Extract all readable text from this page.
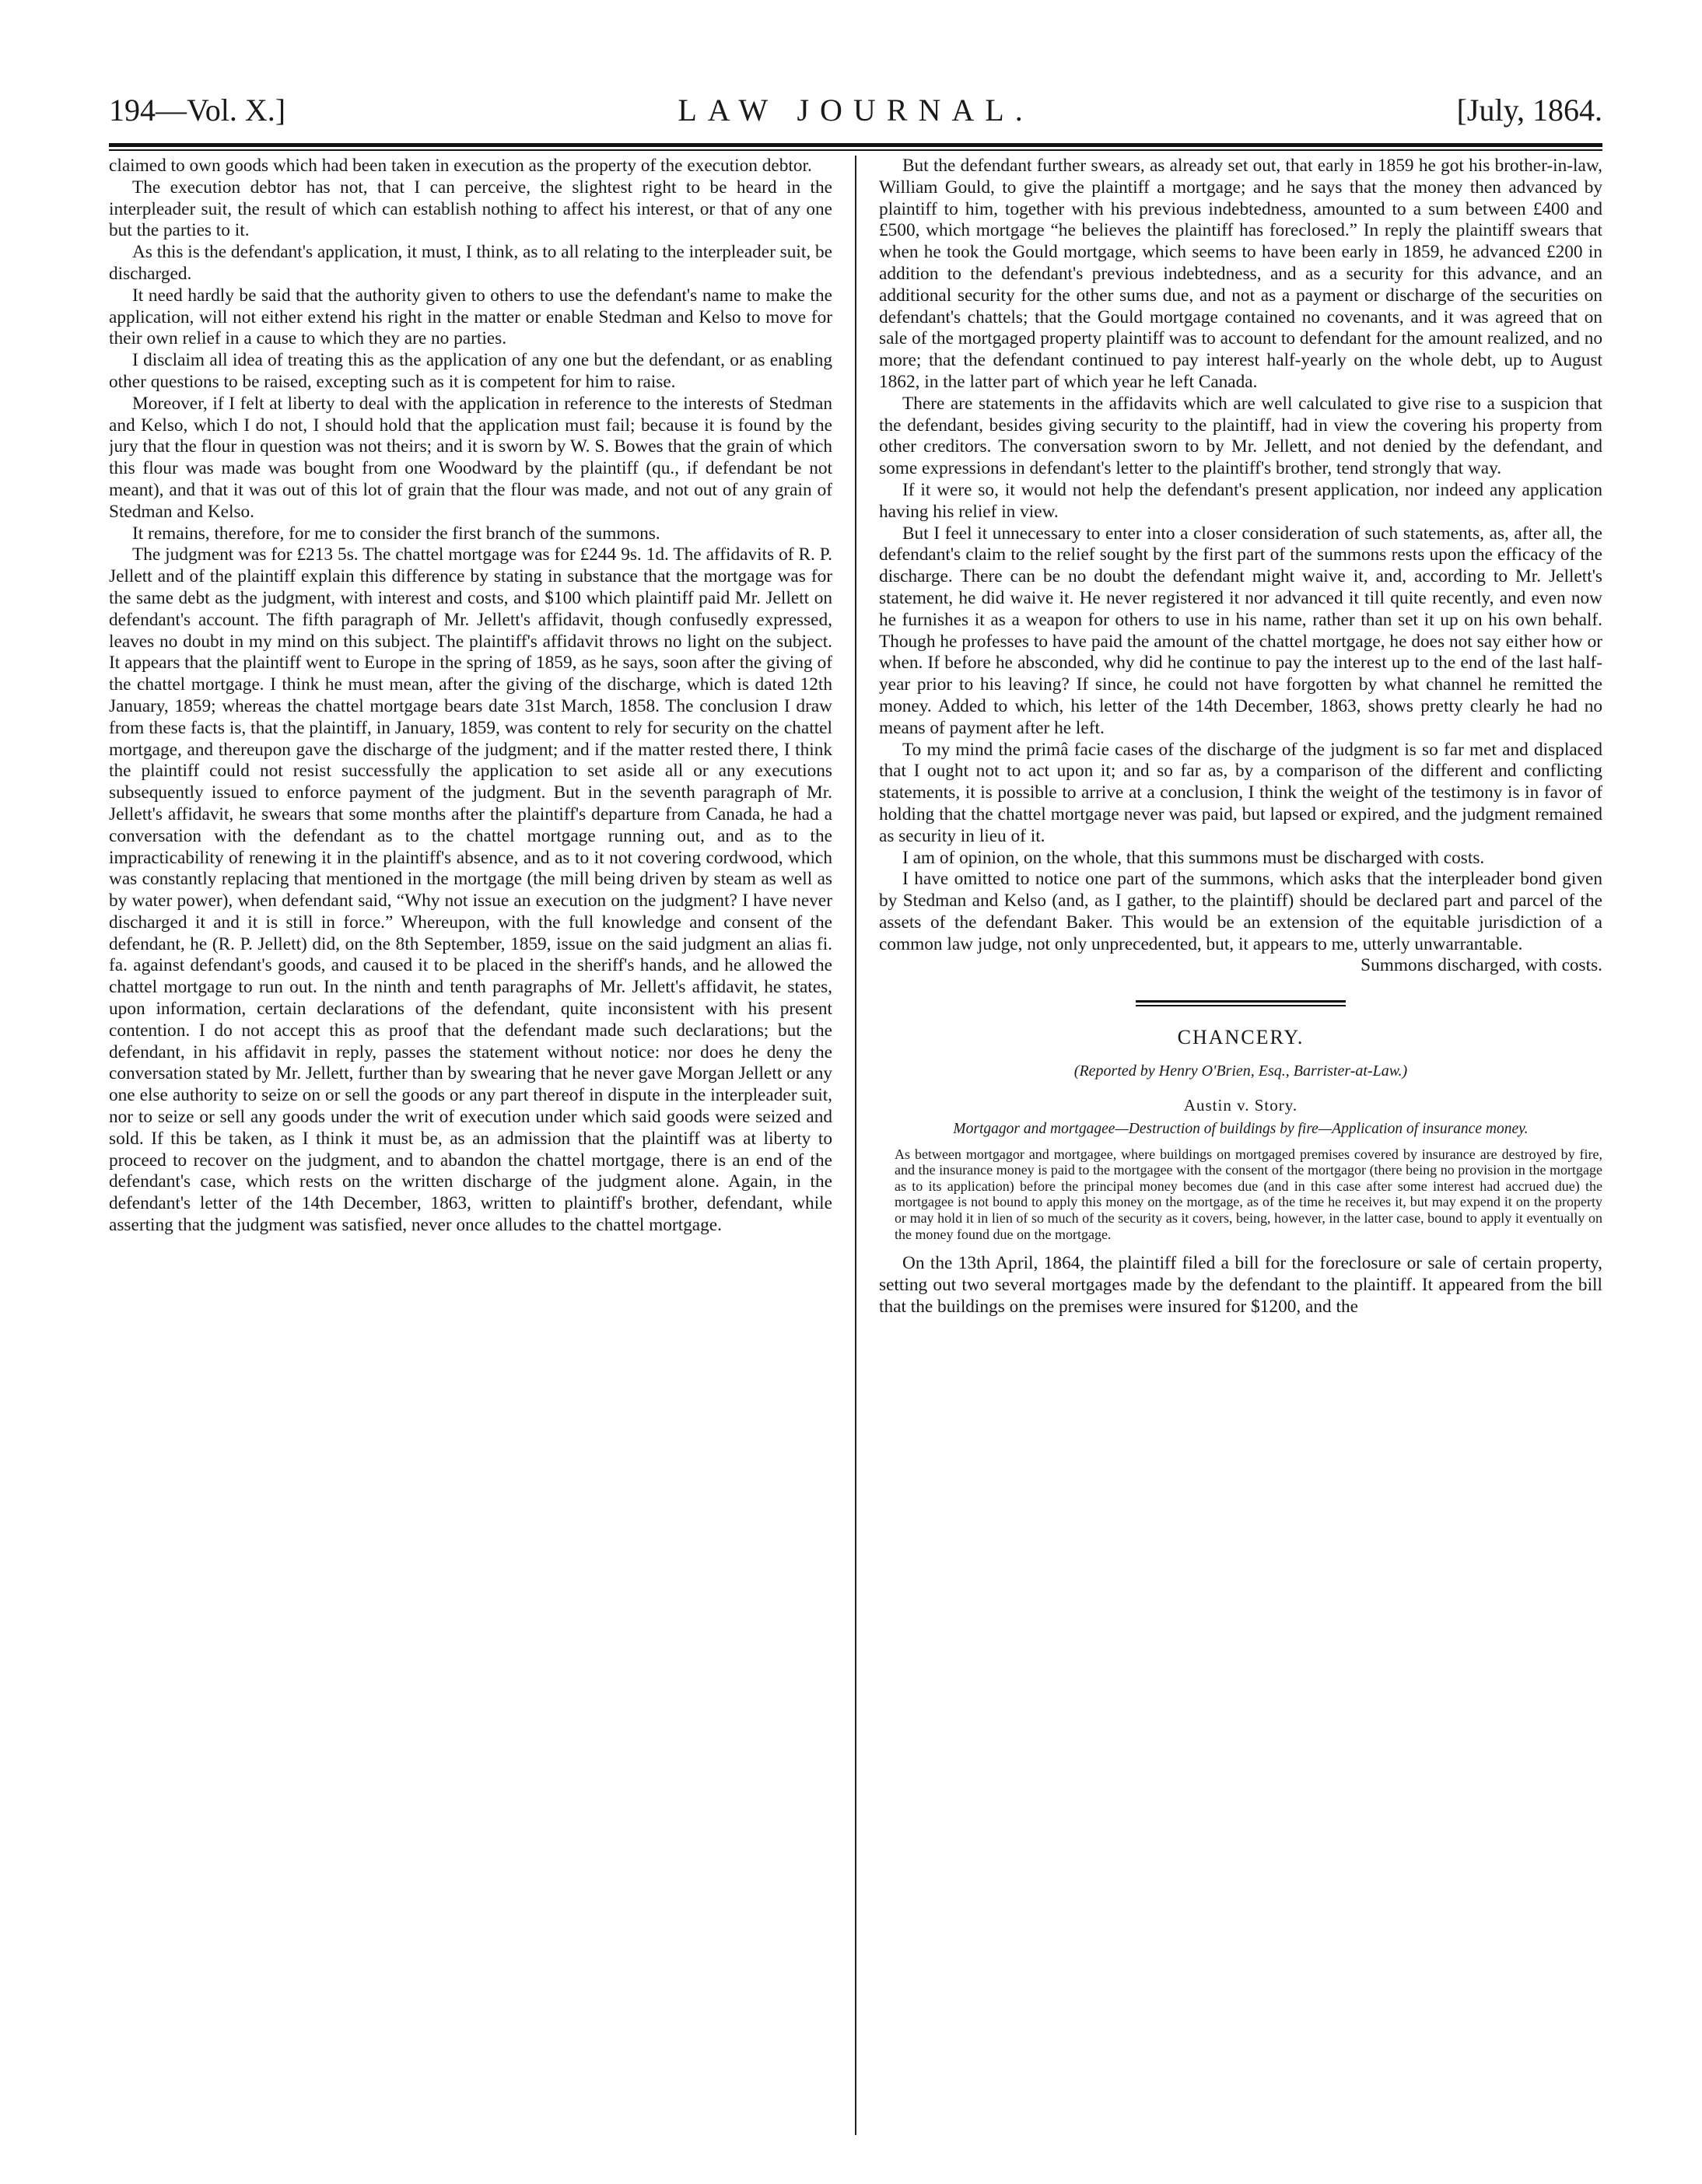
194—Vol. X.]	LAW JOURNAL.	[July, 1864.

claimed to own goods which had been taken in execution as the property of the execution debtor.

The execution debtor has not, that I can perceive, the slightest right to be heard in the interpleader suit, the result of which can establish nothing to affect his interest, or that of any one but the parties to it.

As this is the defendant's application, it must, I think, as to all relating to the interpleader suit, be discharged.

It need hardly be said that the authority given to others to use the defendant's name to make the application, will not either extend his right in the matter or enable Stedman and Kelso to move for their own relief in a cause to which they are no parties.

I disclaim all idea of treating this as the application of any one but the defendant, or as enabling other questions to be raised, excepting such as it is competent for him to raise.

Moreover, if I felt at liberty to deal with the application in reference to the interests of Stedman and Kelso, which I do not, I should hold that the application must fail; because it is found by the jury that the flour in question was not theirs; and it is sworn by W. S. Bowes that the grain of which this flour was made was bought from one Woodward by the plaintiff (qu., if defendant be not meant), and that it was out of this lot of grain that the flour was made, and not out of any grain of Stedman and Kelso.

It remains, therefore, for me to consider the first branch of the summons.

The judgment was for £213 5s. The chattel mortgage was for £244 9s. 1d. The affidavits of R. P. Jellett and of the plaintiff explain this difference by stating in substance that the mortgage was for the same debt as the judgment, with interest and costs, and $100 which plaintiff paid Mr. Jellett on defendant's account. The fifth paragraph of Mr. Jellett's affidavit, though confusedly expressed, leaves no doubt in my mind on this subject. The plaintiff's affidavit throws no light on the subject. It appears that the plaintiff went to Europe in the spring of 1859, as he says, soon after the giving of the chattel mortgage. I think he must mean, after the giving of the discharge, which is dated 12th January, 1859; whereas the chattel mortgage bears date 31st March, 1858. The conclusion I draw from these facts is, that the plaintiff, in January, 1859, was content to rely for security on the chattel mortgage, and thereupon gave the discharge of the judgment; and if the matter rested there, I think the plaintiff could not resist successfully the application to set aside all or any executions subsequently issued to enforce payment of the judgment. But in the seventh paragraph of Mr. Jellett's affidavit, he swears that some months after the plaintiff's departure from Canada, he had a conversation with the defendant as to the chattel mortgage running out, and as to the impracticability of renewing it in the plaintiff's absence, and as to it not covering cordwood, which was constantly replacing that mentioned in the mortgage (the mill being driven by steam as well as by water power), when defendant said, “Why not issue an execution on the judgment? I have never discharged it and it is still in force.” Whereupon, with the full knowledge and consent of the defendant, he (R. P. Jellett) did, on the 8th September, 1859, issue on the said judgment an alias fi. fa. against defendant's goods, and caused it to be placed in the sheriff's hands, and he allowed the chattel mortgage to run out. In the ninth and tenth paragraphs of Mr. Jellett's affidavit, he states, upon information, certain declarations of the defendant, quite inconsistent with his present contention. I do not accept this as proof that the defendant made such declarations; but the defendant, in his affidavit in reply, passes the statement without notice: nor does he deny the conversation stated by Mr. Jellett, further than by swearing that he never gave Morgan Jellett or any one else authority to seize on or sell the goods or any part thereof in dispute in the interpleader suit, nor to seize or sell any goods under the writ of execution under which said goods were seized and sold. If this be taken, as I think it must be, as an admission that the plaintiff was at liberty to proceed to recover on the judgment, and to abandon the chattel mortgage, there is an end of the defendant's case, which rests on the written discharge of the judgment alone. Again, in the defendant's letter of the 14th December, 1863, written to plaintiff's brother, defendant, while asserting that the judgment was satisfied, never once alludes to the chattel mortgage.

But the defendant further swears, as already set out, that early in 1859 he got his brother-in-law, William Gould, to give the plaintiff a mortgage; and he says that the money then advanced by plaintiff to him, together with his previous indebtedness, amounted to a sum between £400 and £500, which mortgage “he believes the plaintiff has foreclosed.” In reply the plaintiff swears that when he took the Gould mortgage, which seems to have been early in 1859, he advanced £200 in addition to the defendant's previous indebtedness, and as a security for this advance, and an additional security for the other sums due, and not as a payment or discharge of the securities on defendant's chattels; that the Gould mortgage contained no covenants, and it was agreed that on sale of the mortgaged property plaintiff was to account to defendant for the amount realized, and no more; that the defendant continued to pay interest half-yearly on the whole debt, up to August 1862, in the latter part of which year he left Canada.

There are statements in the affidavits which are well calculated to give rise to a suspicion that the defendant, besides giving security to the plaintiff, had in view the covering his property from other creditors. The conversation sworn to by Mr. Jellett, and not denied by the defendant, and some expressions in defendant's letter to the plaintiff's brother, tend strongly that way.

If it were so, it would not help the defendant's present application, nor indeed any application having his relief in view.

But I feel it unnecessary to enter into a closer consideration of such statements, as, after all, the defendant's claim to the relief sought by the first part of the summons rests upon the efficacy of the discharge. There can be no doubt the defendant might waive it, and, according to Mr. Jellett's statement, he did waive it. He never registered it nor advanced it till quite recently, and even now he furnishes it as a weapon for others to use in his name, rather than set it up on his own behalf. Though he professes to have paid the amount of the chattel mortgage, he does not say either how or when. If before he absconded, why did he continue to pay the interest up to the end of the last half-year prior to his leaving? If since, he could not have forgotten by what channel he remitted the money. Added to which, his letter of the 14th December, 1863, shows pretty clearly he had no means of payment after he left.

To my mind the primâ facie cases of the discharge of the judgment is so far met and displaced that I ought not to act upon it; and so far as, by a comparison of the different and conflicting statements, it is possible to arrive at a conclusion, I think the weight of the testimony is in favor of holding that the chattel mortgage never was paid, but lapsed or expired, and the judgment remained as security in lieu of it.

I am of opinion, on the whole, that this summons must be discharged with costs.

I have omitted to notice one part of the summons, which asks that the interpleader bond given by Stedman and Kelso (and, as I gather, to the plaintiff) should be declared part and parcel of the assets of the defendant Baker. This would be an extension of the equitable jurisdiction of a common law judge, not only unprecedented, but, it appears to me, utterly unwarrantable.

Summons discharged, with costs.

CHANCERY.

(Reported by Henry O'Brien, Esq., Barrister-at-Law.)

Austin v. Story.

Mortgagor and mortgagee—Destruction of buildings by fire—Application of insurance money.

As between mortgagor and mortgagee, where buildings on mortgaged premises covered by insurance are destroyed by fire, and the insurance money is paid to the mortgagee with the consent of the mortgagor (there being no provision in the mortgage as to its application) before the principal money becomes due (and in this case after some interest had accrued due) the mortgagee is not bound to apply this money on the mortgage, as of the time he receives it, but may expend it on the property or may hold it in lien of so much of the security as it covers, being, however, in the latter case, bound to apply it eventually on the money found due on the mortgage.

On the 13th April, 1864, the plaintiff filed a bill for the foreclosure or sale of certain property, setting out two several mortgages made by the defendant to the plaintiff. It appeared from the bill that the buildings on the premises were insured for $1200, and the
